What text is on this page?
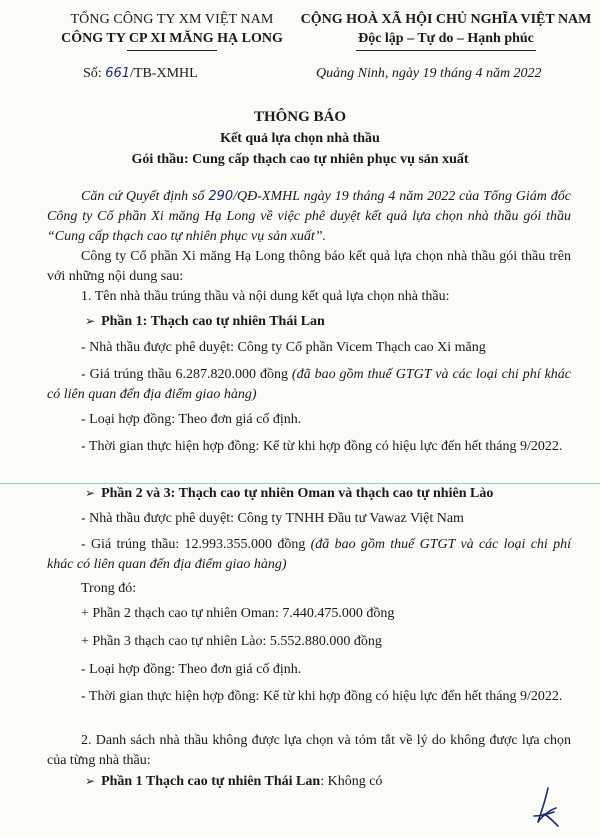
TỔNG CÔNG TY XM VIỆT NAM
CÔNG TY CP XI MĂNG HẠ LONG
CỘNG HOÀ XÃ HỘI CHỦ NGHĨA VIỆT NAM
Độc lập – Tự do – Hạnh phúc
Số: 661/TB-XMHL	Quảng Ninh, ngày 19 tháng 4 năm 2022
THÔNG BÁO
Kết quả lựa chọn nhà thầu
Gói thầu: Cung cấp thạch cao tự nhiên phục vụ sản xuất
Căn cứ Quyết định số 290/QĐ-XMHL ngày 19 tháng 4 năm 2022 của Tổng Giám đốc Công ty Cổ phần Xi măng Hạ Long về việc phê duyệt kết quả lựa chọn nhà thầu gói thầu “Cung cấp thạch cao tự nhiên phục vụ sản xuất”.
Công ty Cổ phần Xi măng Hạ Long thông báo kết quả lựa chọn nhà thầu gói thầu trên với những nội dung sau:
1. Tên nhà thầu trúng thầu và nội dung kết quả lựa chọn nhà thầu:
➢ Phần 1: Thạch cao tự nhiên Thái Lan
- Nhà thầu được phê duyệt: Công ty Cổ phần Vicem Thạch cao Xi măng
- Giá trúng thầu 6.287.820.000 đồng (đã bao gồm thuế GTGT và các loại chi phí khác có liên quan đến địa điểm giao hàng)
- Loại hợp đồng: Theo đơn giá cố định.
- Thời gian thực hiện hợp đồng: Kể từ khi hợp đồng có hiệu lực đến hết tháng 9/2022.
➢ Phần 2 và 3: Thạch cao tự nhiên Oman và thạch cao tự nhiên Lào
- Nhà thầu được phê duyệt: Công ty TNHH Đầu tư Vawaz Việt Nam
- Giá trúng thầu: 12.993.355.000 đồng (đã bao gồm thuế GTGT và các loại chi phí khác có liên quan đến địa điểm giao hàng)
Trong đó:
+ Phần 2 thạch cao tự nhiên Oman: 7.440.475.000 đồng
+ Phần 3 thạch cao tự nhiên Lào: 5.552.880.000 đồng
- Loại hợp đồng: Theo đơn giá cố định.
- Thời gian thực hiện hợp đồng: Kể từ khi hợp đồng có hiệu lực đến hết tháng 9/2022.
2. Danh sách nhà thầu không được lựa chọn và tóm tắt về lý do không được lựa chọn của từng nhà thầu:
➢ Phần 1 Thạch cao tự nhiên Thái Lan: Không có
